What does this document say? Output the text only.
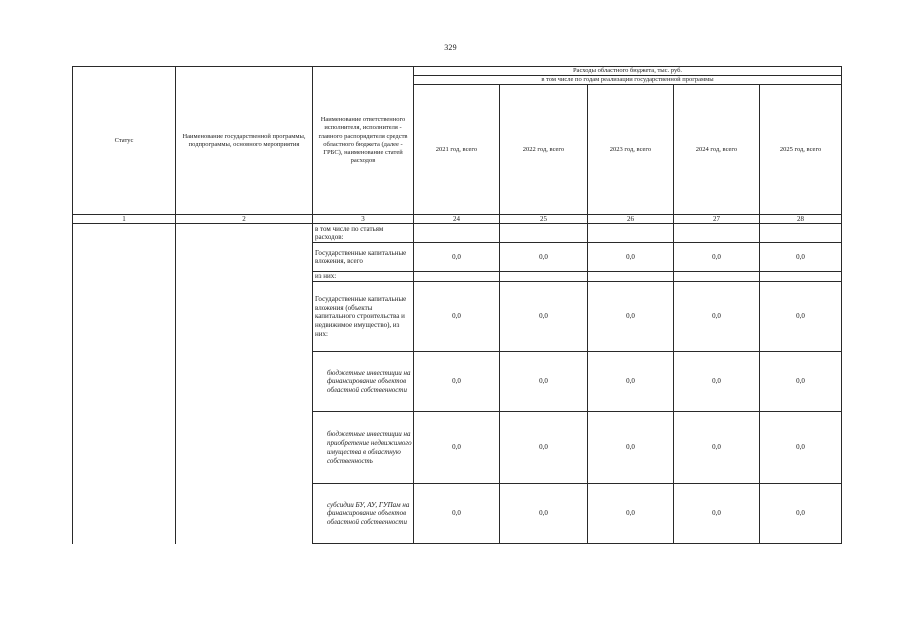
329
Статус	Наименование государственной программы, подпрограммы, основного мероприятия	Наименование ответственного исполнителя, исполнителя - главного распорядителя средств областного бюджета (далее - ГРБС), наименование статей расходов	Расходы областного бюджета, тыс. руб.				
			в том числе по годам реализации государственной программы				
			2021 год, всего	2022 год, всего	2023 год, всего	2024 год, всего	2025 год, всего
1	2	3	24	25	26	27	28
		в том числе по статьям расходов:					
		Государственные капитальные вложения, всего	0,0	0,0	0,0	0,0	0,0
		из них:					
		Государственные капитальные вложения (объекты капитального строительства и недвижимое имущество), из них:	0,0	0,0	0,0	0,0	0,0
		бюджетные инвестиции на финансирование объектов областной собственности	0,0	0,0	0,0	0,0	0,0
		бюджетные инвестиции на приобретение недвижимого имущества в областную собственность	0,0	0,0	0,0	0,0	0,0
		субсидии БУ, АУ, ГУПам на финансирование объектов областной собственности	0,0	0,0	0,0	0,0	0,0
